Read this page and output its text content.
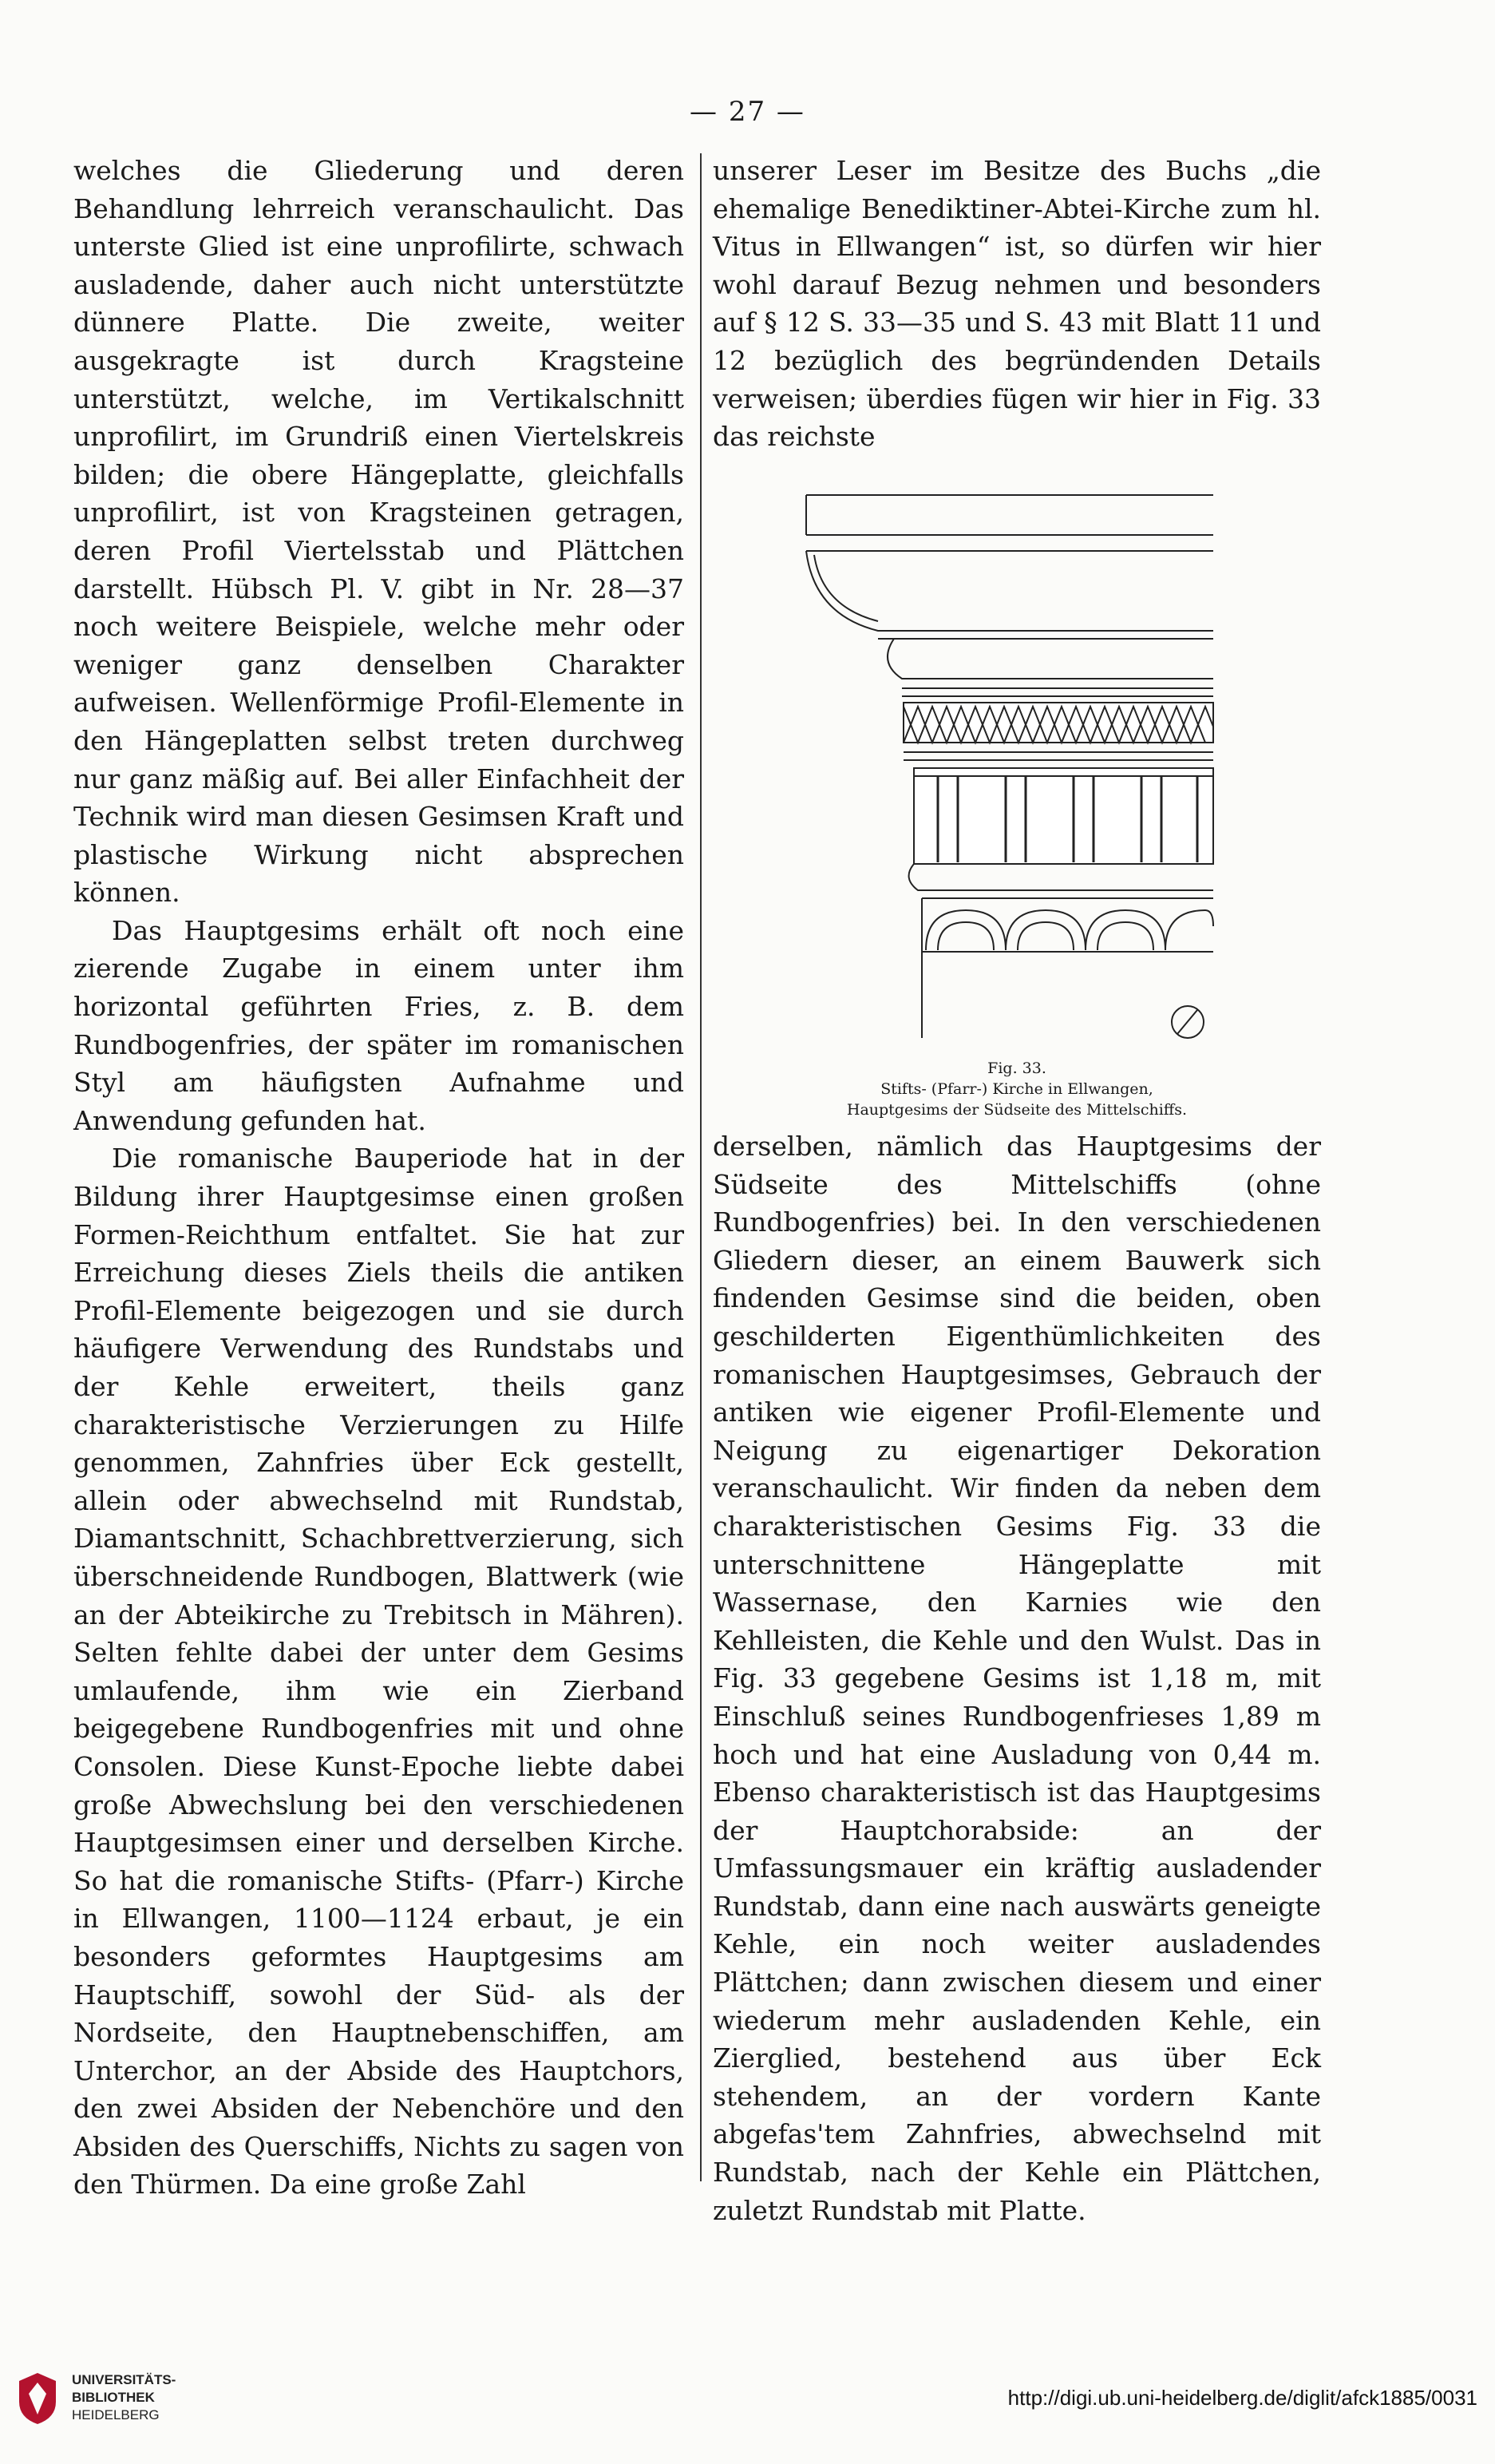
— 27 —

welches die Gliederung und deren Behandlung lehrreich veranschaulicht. Das unterste Glied ist eine unprofilirte, schwach ausladende, daher auch nicht unterstützte dünnere Platte. Die zweite, weiter ausgekragte ist durch Kragsteine unterstützt, welche, im Vertikalschnitt unprofilirt, im Grundriß einen Viertelskreis bilden; die obere Hängeplatte, gleichfalls unprofilirt, ist von Kragsteinen getragen, deren Profil Viertelsstab und Plättchen darstellt. Hübsch Pl. V. gibt in Nr. 28—37 noch weitere Beispiele, welche mehr oder weniger ganz denselben Charakter aufweisen. Wellenförmige Profil-Elemente in den Hängeplatten selbst treten durchweg nur ganz mäßig auf. Bei aller Einfachheit der Technik wird man diesen Gesimsen Kraft und plastische Wirkung nicht absprechen können.

Das Hauptgesims erhält oft noch eine zierende Zugabe in einem unter ihm horizontal geführten Fries, z. B. dem Rundbogenfries, der später im romanischen Styl am häufigsten Aufnahme und Anwendung gefunden hat.

Die romanische Bauperiode hat in der Bildung ihrer Hauptgesimse einen großen Formen-Reichthum entfaltet. Sie hat zur Erreichung dieses Ziels theils die antiken Profil-Elemente beigezogen und sie durch häufigere Verwendung des Rundstabs und der Kehle erweitert, theils ganz charakteristische Verzierungen zu Hilfe genommen, Zahnfries über Eck gestellt, allein oder abwechselnd mit Rundstab, Diamantschnitt, Schachbrettverzierung, sich überschneidende Rundbogen, Blattwerk (wie an der Abteikirche zu Trebitsch in Mähren). Selten fehlte dabei der unter dem Gesims umlaufende, ihm wie ein Zierband beigegebene Rundbogenfries mit und ohne Consolen. Diese Kunst-Epoche liebte dabei große Abwechslung bei den verschiedenen Hauptgesimsen einer und derselben Kirche. So hat die romanische Stifts- (Pfarr-) Kirche in Ellwangen, 1100—1124 erbaut, je ein besonders geformtes Hauptgesims am Hauptschiff, sowohl der Süd- als der Nordseite, den Hauptnebenschiffen, am Unterchor, an der Abside des Hauptchors, den zwei Absiden der Nebenchöre und den Absiden des Querschiffs, Nichts zu sagen von den Thürmen. Da eine große Zahl

unserer Leser im Besitze des Buchs „die ehemalige Benediktiner-Abtei-Kirche zum hl. Vitus in Ellwangen“ ist, so dürfen wir hier wohl darauf Bezug nehmen und besonders auf § 12 S. 33—35 und S. 43 mit Blatt 11 und 12 bezüglich des begründenden Details verweisen; überdies fügen wir hier in Fig. 33 das reichste

Fig. 33.
Stifts- (Pfarr-) Kirche in Ellwangen,
Hauptgesims der Südseite des Mittelschiffs.

derselben, nämlich das Hauptgesims der Südseite des Mittelschiffs (ohne Rundbogenfries) bei. In den verschiedenen Gliedern dieser, an einem Bauwerk sich findenden Gesimse sind die beiden, oben geschilderten Eigenthümlichkeiten des romanischen Hauptgesimses, Gebrauch der antiken wie eigener Profil-Elemente und Neigung zu eigenartiger Dekoration veranschaulicht. Wir finden da neben dem charakteristischen Gesims Fig. 33 die unterschnittene Hängeplatte mit Wassernase, den Karnies wie den Kehlleisten, die Kehle und den Wulst. Das in Fig. 33 gegebene Gesims ist 1,18 m, mit Einschluß seines Rundbogenfrieses 1,89 m hoch und hat eine Ausladung von 0,44 m. Ebenso charakteristisch ist das Hauptgesims der Hauptchorabside: an der Umfassungsmauer ein kräftig ausladender Rundstab, dann eine nach auswärts geneigte Kehle, ein noch weiter ausladendes Plättchen; dann zwischen diesem und einer wiederum mehr ausladenden Kehle, ein Zierglied, bestehend aus über Eck stehendem, an der vordern Kante abgefas'tem Zahnfries, abwechselnd mit Rundstab, nach der Kehle ein Plättchen, zuletzt Rundstab mit Platte.

UNIVERSITÄTS-
BIBLIOTHEK
HEIDELBERG
http://digi.ub.uni-heidelberg.de/diglit/afck1885/0031
